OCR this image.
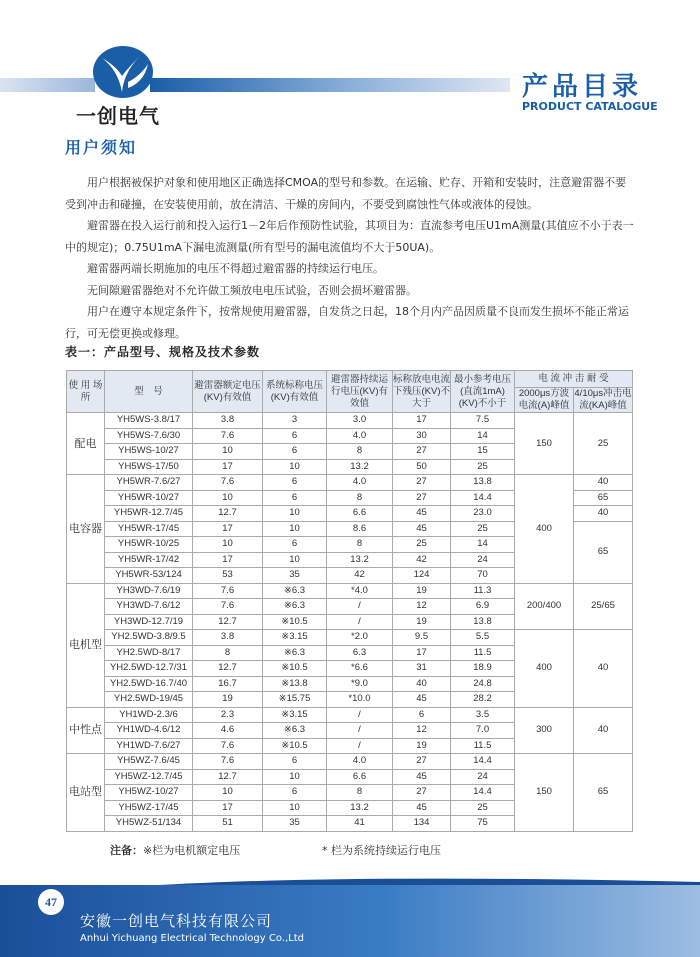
一创电气
产品目录
PRODUCT CATALOGUE
用户须知

用户根据被保护对象和使用地区正确选择CMOA的型号和参数。在运输、贮存、开箱和安装时，注意避雷器不要受到冲击和碰撞，在安装使用前，放在清洁、干燥的房间内，不要受到腐蚀性气体或液体的侵蚀。

避雷器在投入运行前和投入运行1－2年后作预防性试验，其项目为：直流参考电压U1mA测量(其值应不小于表一中的规定)；0.75U1mA下漏电流测量(所有型号的漏电流值均不大于50UA)。

避雷器两端长期施加的电压不得超过避雷器的持续运行电压。

无间隙避雷器绝对不允许做工频放电电压试验，否则会损坏避雷器。

用户在遵守本规定条件下，按常规使用避雷器，自发货之日起，18个月内产品因质量不良而发生损坏不能正常运行，可无偿更换或修理。

表一：产品型号、规格及技术参数
使 用 场 所	型　号	避雷器额定电压(KV)有效值	系统标称电压(KV)有效值	避雷器持续运行电压(KV)有效值	标称放电电流下残压(KV)不大于	最小参考电压(直流1mA)(KV)不小于	电 流 冲 击 耐 受	
							2000μs方波电流(A)峰值	4/10μs冲击电流(KA)峰值
配电	YH5WS-3.8/17	3.8	3	3.0	17	7.5	150	25
	YH5WS-7.6/30	7.6	6	4.0	30	14		
	YH5WS-10/27	10	6	8	27	15		
	YH5WS-17/50	17	10	13.2	50	25		
电容器	YH5WR-7.6/27	7.6	6	4.0	27	13.8	400	40
	YH5WR-10/27	10	6	8	27	14.4		65
	YH5WR-12.7/45	12.7	10	6.6	45	23.0		40
	YH5WR-17/45	17	10	8.6	45	25		65
	YH5WR-10/25	10	6	8	25	14		
	YH5WR-17/42	17	10	13.2	42	24		
	YH5WR-53/124	53	35	42	124	70		
电机型	YH3WD-7.6/19	7.6	※6.3	*4.0	19	11.3	200/400	25/65
	YH3WD-7.6/12	7.6	※6.3	/	12	6.9		
	YH3WD-12.7/19	12.7	※10.5	/	19	13.8		
	YH2.5WD-3.8/9.5	3.8	※3.15	*2.0	9.5	5.5	400	40
	YH2.5WD-8/17	8	※6.3	6.3	17	11.5		
	YH2.5WD-12.7/31	12.7	※10.5	*6.6	31	18.9		
	YH2.5WD-16.7/40	16.7	※13.8	*9.0	40	24.8		
	YH2.5WD-19/45	19	※15.75	*10.0	45	28.2		
中性点	YH1WD-2.3/6	2.3	※3.15	/	6	3.5	300	40
	YH1WD-4.6/12	4.6	※6.3	/	12	7.0		
	YH1WD-7.6/27	7.6	※10.5	/	19	11.5		
电站型	YH5WZ-7.6/45	7.6	6	4.0	27	14.4	150	65
	YH5WZ-12.7/45	12.7	10	6.6	45	24		
	YH5WZ-10/27	10	6	8	27	14.4		
	YH5WZ-17/45	17	10	13.2	45	25		
	YH5WZ-51/134	51	35	41	134	75		
注备：※栏为电机额定电压	* 栏为系统持续运行电压
47
安徽一创电气科技有限公司
Anhui Yichuang Electrical Technology Co.,Ltd
